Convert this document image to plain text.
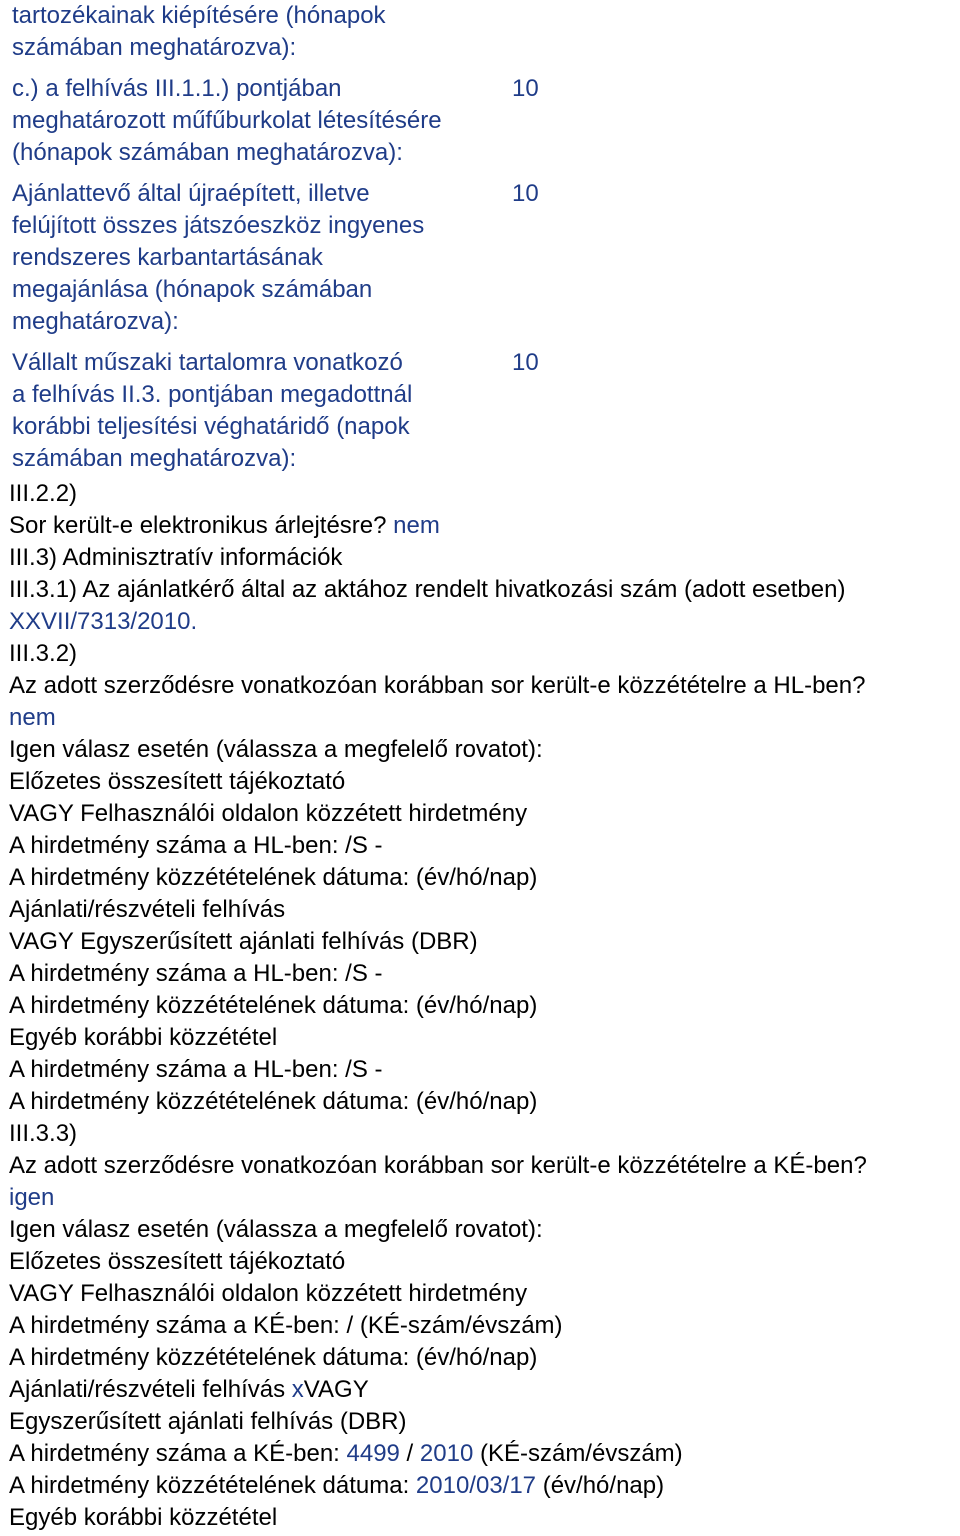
tartozékainak kiépítésére (hónapok
számában meghatározva):
c.) a felhívás III.1.1.) pontjában	10
meghatározott műfűburkolat létesítésére
(hónapok számában meghatározva):
Ajánlattevő által újraépített, illetve	10
felújított összes játszóeszköz ingyenes
rendszeres karbantartásának
megajánlása (hónapok számában
meghatározva):
Vállalt műszaki tartalomra vonatkozó	10
a felhívás II.3. pontjában megadottnál
korábbi teljesítési véghatáridő (napok
számában meghatározva):
III.2.2)
Sor került-e elektronikus árlejtésre? nem
III.3) Adminisztratív információk
III.3.1) Az ajánlatkérő által az aktához rendelt hivatkozási szám (adott esetben)
XXVII/7313/2010.
III.3.2)
Az adott szerződésre vonatkozóan korábban sor került-e közzétételre a HL-ben?
nem
Igen válasz esetén (válassza a megfelelő rovatot):
Előzetes összesített tájékoztató
VAGY Felhasználói oldalon közzétett hirdetmény
A hirdetmény száma a HL-ben: /S -
A hirdetmény közzétételének dátuma: (év/hó/nap)
Ajánlati/részvételi felhívás
VAGY Egyszerűsített ajánlati felhívás (DBR)
A hirdetmény száma a HL-ben: /S -
A hirdetmény közzétételének dátuma: (év/hó/nap)
Egyéb korábbi közzététel
A hirdetmény száma a HL-ben: /S -
A hirdetmény közzétételének dátuma: (év/hó/nap)
III.3.3)
Az adott szerződésre vonatkozóan korábban sor került-e közzétételre a KÉ-ben?
igen
Igen válasz esetén (válassza a megfelelő rovatot):
Előzetes összesített tájékoztató
VAGY Felhasználói oldalon közzétett hirdetmény
A hirdetmény száma a KÉ-ben: / (KÉ-szám/évszám)
A hirdetmény közzétételének dátuma: (év/hó/nap)
Ajánlati/részvételi felhívás xVAGY
Egyszerűsített ajánlati felhívás (DBR)
A hirdetmény száma a KÉ-ben: 4499 / 2010 (KÉ-szám/évszám)
A hirdetmény közzétételének dátuma: 2010/03/17 (év/hó/nap)
Egyéb korábbi közzététel
